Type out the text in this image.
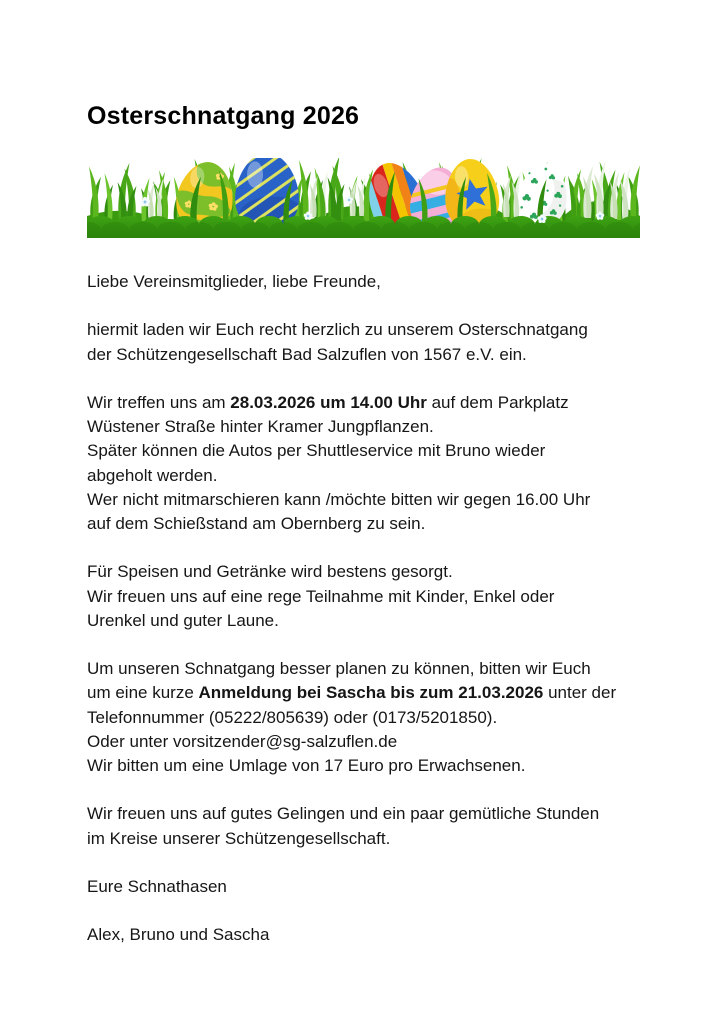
Osterschnatgang 2026
Liebe Vereinsmitglieder, liebe Freunde,
hiermit laden wir Euch recht herzlich zu unserem Osterschnatgang
der Schützengesellschaft Bad Salzuflen von 1567 e.V. ein.
Wir treffen uns am 28.03.2026 um 14.00 Uhr auf dem Parkplatz
Wüstener Straße hinter Kramer Jungpflanzen.
Später können die Autos per Shuttleservice mit Bruno wieder
abgeholt werden.
Wer nicht mitmarschieren kann /möchte bitten wir gegen 16.00 Uhr
auf dem Schießstand am Obernberg zu sein.
Für Speisen und Getränke wird bestens gesorgt.
Wir freuen uns auf eine rege Teilnahme mit Kinder, Enkel oder
Urenkel und guter Laune.
Um unseren Schnatgang besser planen zu können, bitten wir Euch
um eine kurze Anmeldung bei Sascha bis zum 21.03.2026 unter der
Telefonnummer (05222/805639) oder (0173/5201850).
Oder unter vorsitzender@sg-salzuflen.de
Wir bitten um eine Umlage von 17 Euro pro Erwachsenen.
Wir freuen uns auf gutes Gelingen und ein paar gemütliche Stunden
im Kreise unserer Schützengesellschaft.
Eure Schnathasen
Alex, Bruno und Sascha
